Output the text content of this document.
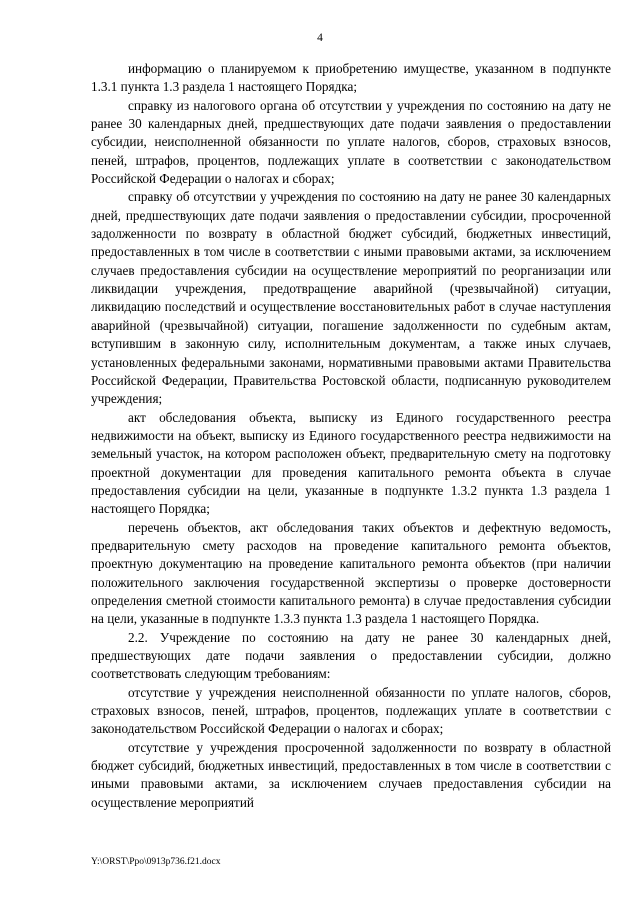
4

информацию о планируемом к приобретению имуществе, указанном в подпункте 1.3.1 пункта 1.3 раздела 1 настоящего Порядка;

справку из налогового органа об отсутствии у учреждения по состоянию на дату не ранее 30 календарных дней, предшествующих дате подачи заявления о предоставлении субсидии, неисполненной обязанности по уплате налогов, сборов, страховых взносов, пеней, штрафов, процентов, подлежащих уплате в соответствии с законодательством Российской Федерации о налогах и сборах;

справку об отсутствии у учреждения по состоянию на дату не ранее 30 календарных дней, предшествующих дате подачи заявления о предоставлении субсидии, просроченной задолженности по возврату в областной бюджет субсидий, бюджетных инвестиций, предоставленных в том числе в соответствии с иными правовыми актами, за исключением случаев предоставления субсидии на осуществление мероприятий по реорганизации или ликвидации учреждения, предотвращение аварийной (чрезвычайной) ситуации, ликвидацию последствий и осуществление восстановительных работ в случае наступления аварийной (чрезвычайной) ситуации, погашение задолженности по судебным актам, вступившим в законную силу, исполнительным документам, а также иных случаев, установленных федеральными законами, нормативными правовыми актами Правительства Российской Федерации, Правительства Ростовской области, подписанную руководителем учреждения;

акт обследования объекта, выписку из Единого государственного реестра недвижимости на объект, выписку из Единого государственного реестра недвижимости на земельный участок, на котором расположен объект, предварительную смету на подготовку проектной документации для проведения капитального ремонта объекта в случае предоставления субсидии на цели, указанные в подпункте 1.3.2 пункта 1.3 раздела 1 настоящего Порядка;

перечень объектов, акт обследования таких объектов и дефектную ведомость, предварительную смету расходов на проведение капитального ремонта объектов, проектную документацию на проведение капитального ремонта объектов (при наличии положительного заключения государственной экспертизы о проверке достоверности определения сметной стоимости капитального ремонта) в случае предоставления субсидии на цели, указанные в подпункте 1.3.3 пункта 1.3 раздела 1 настоящего Порядка.

2.2. Учреждение по состоянию на дату не ранее 30 календарных дней, предшествующих дате подачи заявления о предоставлении субсидии, должно соответствовать следующим требованиям:

отсутствие у учреждения неисполненной обязанности по уплате налогов, сборов, страховых взносов, пеней, штрафов, процентов, подлежащих уплате в соответствии с законодательством Российской Федерации о налогах и сборах;

отсутствие у учреждения просроченной задолженности по возврату в областной бюджет субсидий, бюджетных инвестиций, предоставленных в том числе в соответствии с иными правовыми актами, за исключением случаев предоставления субсидии на осуществление мероприятий

Y:\ORST\Ppo\0913p736.f21.docx
